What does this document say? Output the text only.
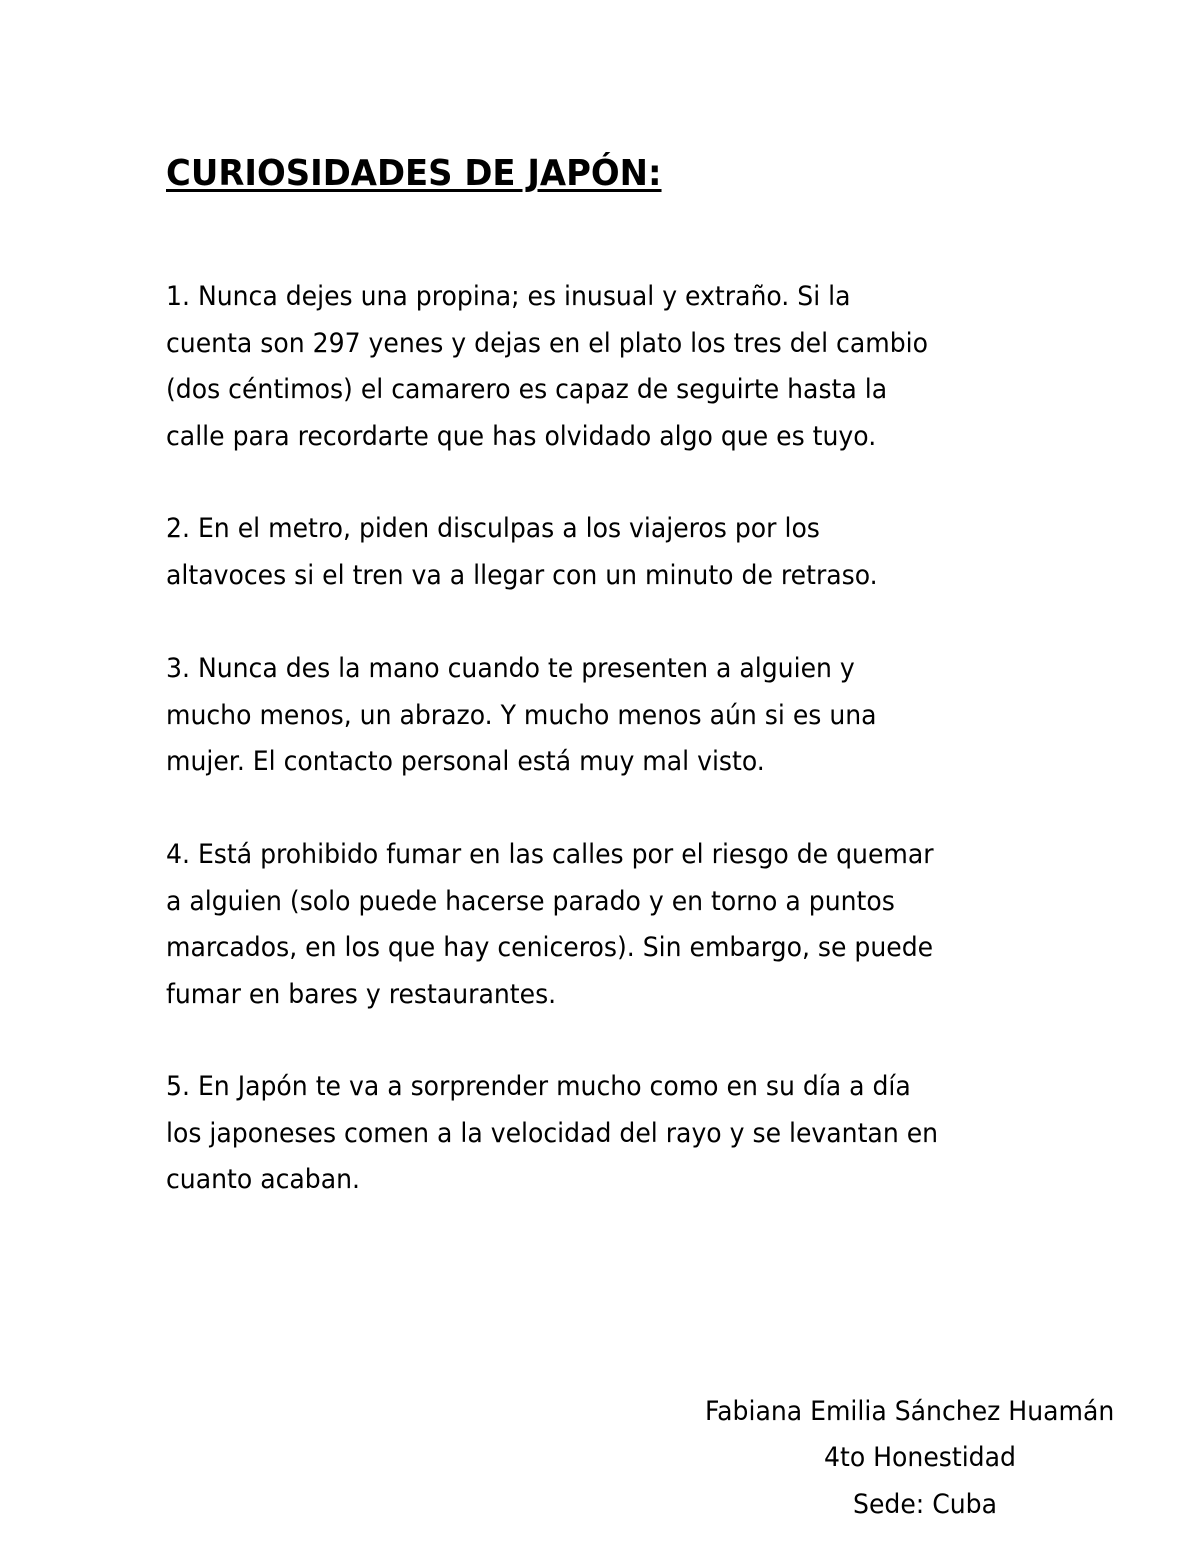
CURIOSIDADES DE JAPÓN:

1. Nunca dejes una propina; es inusual y extraño. Si la

cuenta son 297 yenes y dejas en el plato los tres del cambio

(dos céntimos) el camarero es capaz de seguirte hasta la

calle para recordarte que has olvidado algo que es tuyo.

2. En el metro, piden disculpas a los viajeros por los

altavoces si el tren va a llegar con un minuto de retraso.

3. Nunca des la mano cuando te presenten a alguien y

mucho menos, un abrazo. Y mucho menos aún si es una

mujer. El contacto personal está muy mal visto.

4. Está prohibido fumar en las calles por el riesgo de quemar

a alguien (solo puede hacerse parado y en torno a puntos

marcados, en los que hay ceniceros). Sin embargo, se puede

fumar en bares y restaurantes.

5. En Japón te va a sorprender mucho como en su día a día

los japoneses comen a la velocidad del rayo y se levantan en

cuanto acaban.

Fabiana Emilia Sánchez Huamán
4to Honestidad
Sede: Cuba
